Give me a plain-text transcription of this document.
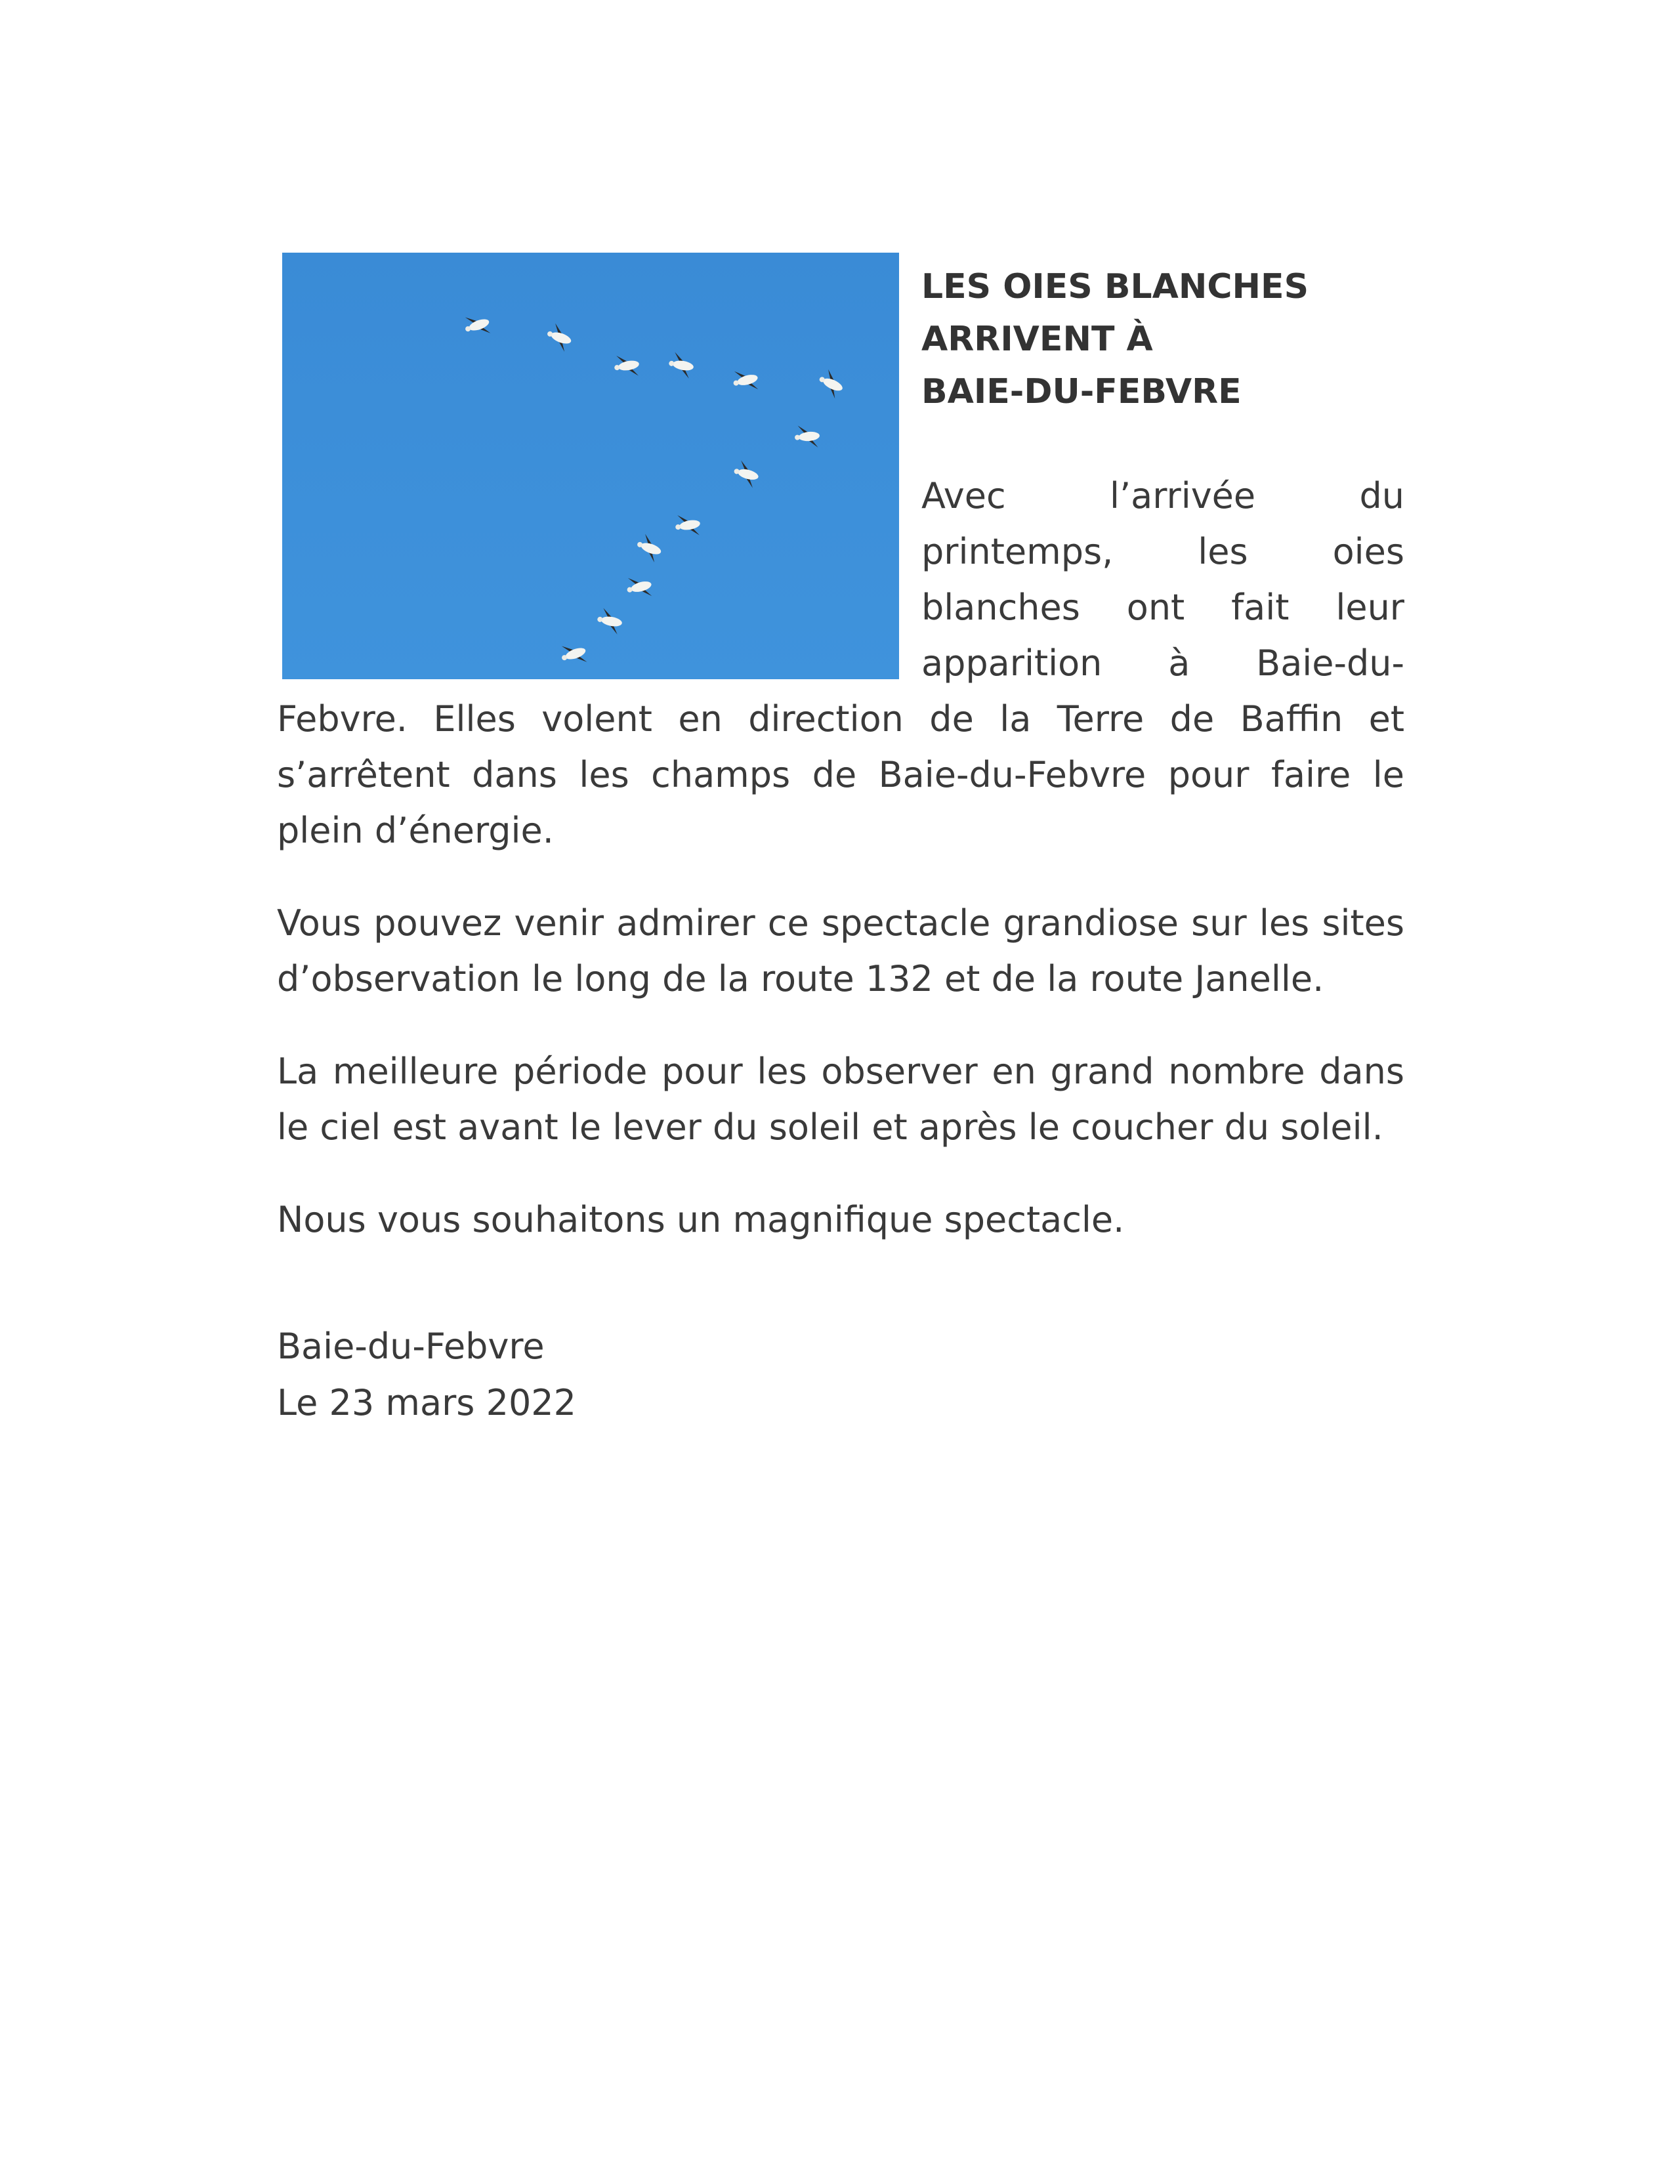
LES OIES BLANCHES
ARRIVENT À
BAIE-DU-FEBVRE

Avec l’arrivée du printemps, les oies blanches ont fait leur apparition à Baie-du-Febvre. Elles volent en direction de la Terre de Baffin et s’arrêtent dans les champs de Baie-du-Febvre pour faire le plein d’énergie.

Vous pouvez venir admirer ce spectacle grandiose sur les sites d’observation le long de la route 132 et de la route Janelle.

La meilleure période pour les observer en grand nombre dans le ciel est avant le lever du soleil et après le coucher du soleil.

Nous vous souhaitons un magnifique spectacle.

Baie-du-Febvre
Le 23 mars 2022
